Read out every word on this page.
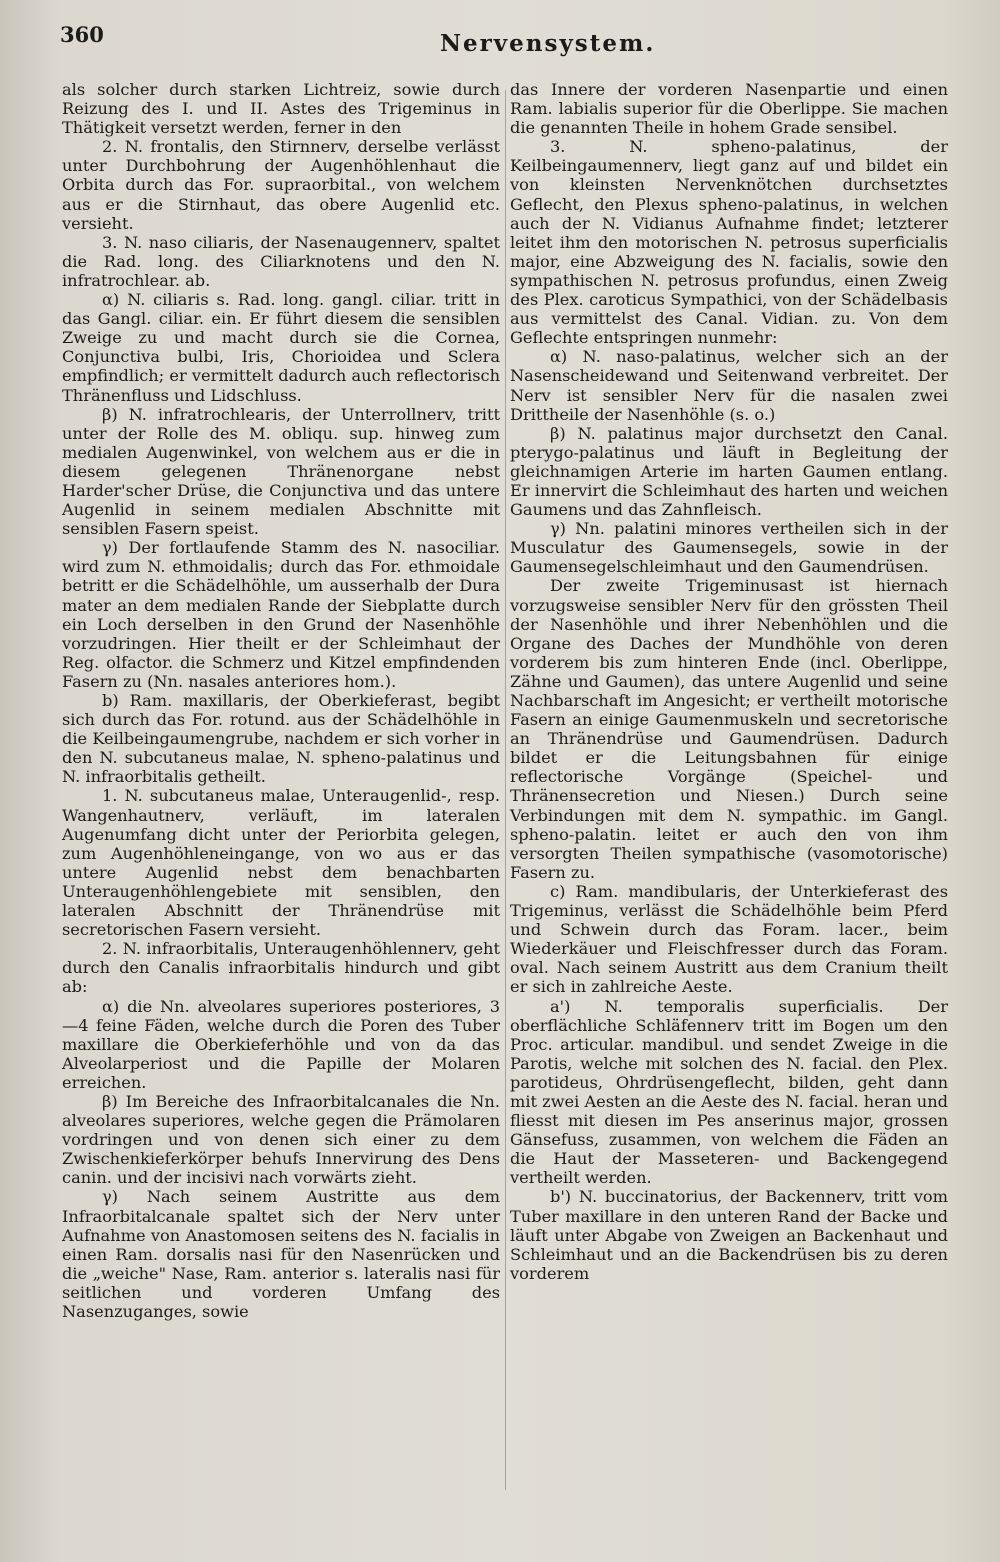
360	Nervensystem.

als solcher durch starken Lichtreiz, sowie durch Reizung des I. und II. Astes des Trigeminus in Thätigkeit versetzt werden, ferner in den

2. N. frontalis, den Stirnnerv, derselbe verlässt unter Durchbohrung der Augenhöhlenhaut die Orbita durch das For. supraorbital., von welchem aus er die Stirnhaut, das obere Augenlid etc. versieht.

3. N. naso ciliaris, der Nasenaugennerv, spaltet die Rad. long. des Ciliarknotens und den N. infratrochlear. ab.

α) N. ciliaris s. Rad. long. gangl. ciliar. tritt in das Gangl. ciliar. ein. Er führt diesem die sensiblen Zweige zu und macht durch sie die Cornea, Conjunctiva bulbi, Iris, Chorioidea und Sclera empfindlich; er vermittelt dadurch auch reflectorisch Thränenfluss und Lidschluss.

β) N. infratrochlearis, der Unterrollnerv, tritt unter der Rolle des M. obliqu. sup. hinweg zum medialen Augenwinkel, von welchem aus er die in diesem gelegenen Thränenorgane nebst Harder'scher Drüse, die Conjunctiva und das untere Augenlid in seinem medialen Abschnitte mit sensiblen Fasern speist.

γ) Der fortlaufende Stamm des N. nasociliar. wird zum N. ethmoidalis; durch das For. ethmoidale betritt er die Schädelhöhle, um ausserhalb der Dura mater an dem medialen Rande der Siebplatte durch ein Loch derselben in den Grund der Nasenhöhle vorzudringen. Hier theilt er der Schleimhaut der Reg. olfactor. die Schmerz und Kitzel empfindenden Fasern zu (Nn. nasales anteriores hom.).

b) Ram. maxillaris, der Oberkieferast, begibt sich durch das For. rotund. aus der Schädelhöhle in die Keilbeingaumengrube, nachdem er sich vorher in den N. subcutaneus malae, N. spheno-palatinus und N. infraorbitalis getheilt.

1. N. subcutaneus malae, Unteraugenlid-, resp. Wangenhautnerv, verläuft, im lateralen Augenumfang dicht unter der Periorbita gelegen, zum Augenhöhleneingange, von wo aus er das untere Augenlid nebst dem benachbarten Unteraugenhöhlengebiete mit sensiblen, den lateralen Abschnitt der Thränendrüse mit secretorischen Fasern versieht.

2. N. infraorbitalis, Unteraugenhöhlennerv, geht durch den Canalis infraorbitalis hindurch und gibt ab:

α) die Nn. alveolares superiores posteriores, 3—4 feine Fäden, welche durch die Poren des Tuber maxillare die Oberkieferhöhle und von da das Alveolarperiost und die Papille der Molaren erreichen.

β) Im Bereiche des Infraorbitalcanales die Nn. alveolares superiores, welche gegen die Prämolaren vordringen und von denen sich einer zu dem Zwischenkieferkörper behufs Innervirung des Dens canin. und der incisivi nach vorwärts zieht.

γ) Nach seinem Austritte aus dem Infraorbitalcanale spaltet sich der Nerv unter Aufnahme von Anastomosen seitens des N. facialis in einen Ram. dorsalis nasi für den Nasenrücken und die „weiche" Nase, Ram. anterior s. lateralis nasi für seitlichen und vorderen Umfang des Nasenzuganges, sowie

das Innere der vorderen Nasenpartie und einen Ram. labialis superior für die Oberlippe. Sie machen die genannten Theile in hohem Grade sensibel.

3. N. spheno-palatinus, der Keilbeingaumennerv, liegt ganz auf und bildet ein von kleinsten Nervenknötchen durchsetztes Geflecht, den Plexus spheno-palatinus, in welchen auch der N. Vidianus Aufnahme findet; letzterer leitet ihm den motorischen N. petrosus superficialis major, eine Abzweigung des N. facialis, sowie den sympathischen N. petrosus profundus, einen Zweig des Plex. caroticus Sympathici, von der Schädelbasis aus vermittelst des Canal. Vidian. zu. Von dem Geflechte entspringen nunmehr:

α) N. naso-palatinus, welcher sich an der Nasenscheidewand und Seitenwand verbreitet. Der Nerv ist sensibler Nerv für die nasalen zwei Drittheile der Nasenhöhle (s. o.)

β) N. palatinus major durchsetzt den Canal. pterygo-palatinus und läuft in Begleitung der gleichnamigen Arterie im harten Gaumen entlang. Er innervirt die Schleimhaut des harten und weichen Gaumens und das Zahnfleisch.

γ) Nn. palatini minores vertheilen sich in der Musculatur des Gaumensegels, sowie in der Gaumensegelschleimhaut und den Gaumendrüsen.

Der zweite Trigeminusast ist hiernach vorzugsweise sensibler Nerv für den grössten Theil der Nasenhöhle und ihrer Nebenhöhlen und die Organe des Daches der Mundhöhle von deren vorderem bis zum hinteren Ende (incl. Oberlippe, Zähne und Gaumen), das untere Augenlid und seine Nachbarschaft im Angesicht; er vertheilt motorische Fasern an einige Gaumenmuskeln und secretorische an Thränendrüse und Gaumendrüsen. Dadurch bildet er die Leitungsbahnen für einige reflectorische Vorgänge (Speichel- und Thränensecretion und Niesen.) Durch seine Verbindungen mit dem N. sympathic. im Gangl. spheno-palatin. leitet er auch den von ihm versorgten Theilen sympathische (vasomotorische) Fasern zu.

c) Ram. mandibularis, der Unterkieferast des Trigeminus, verlässt die Schädelhöhle beim Pferd und Schwein durch das Foram. lacer., beim Wiederkäuer und Fleischfresser durch das Foram. oval. Nach seinem Austritt aus dem Cranium theilt er sich in zahlreiche Aeste.

a') N. temporalis superficialis. Der oberflächliche Schläfennerv tritt im Bogen um den Proc. articular. mandibul. und sendet Zweige in die Parotis, welche mit solchen des N. facial. den Plex. parotideus, Ohrdrüsengeflecht, bilden, geht dann mit zwei Aesten an die Aeste des N. facial. heran und fliesst mit diesen im Pes anserinus major, grossen Gänsefuss, zusammen, von welchem die Fäden an die Haut der Masseteren- und Backengegend vertheilt werden.

b') N. buccinatorius, der Backennerv, tritt vom Tuber maxillare in den unteren Rand der Backe und läuft unter Abgabe von Zweigen an Backenhaut und Schleimhaut und an die Backendrüsen bis zu deren vorderem
